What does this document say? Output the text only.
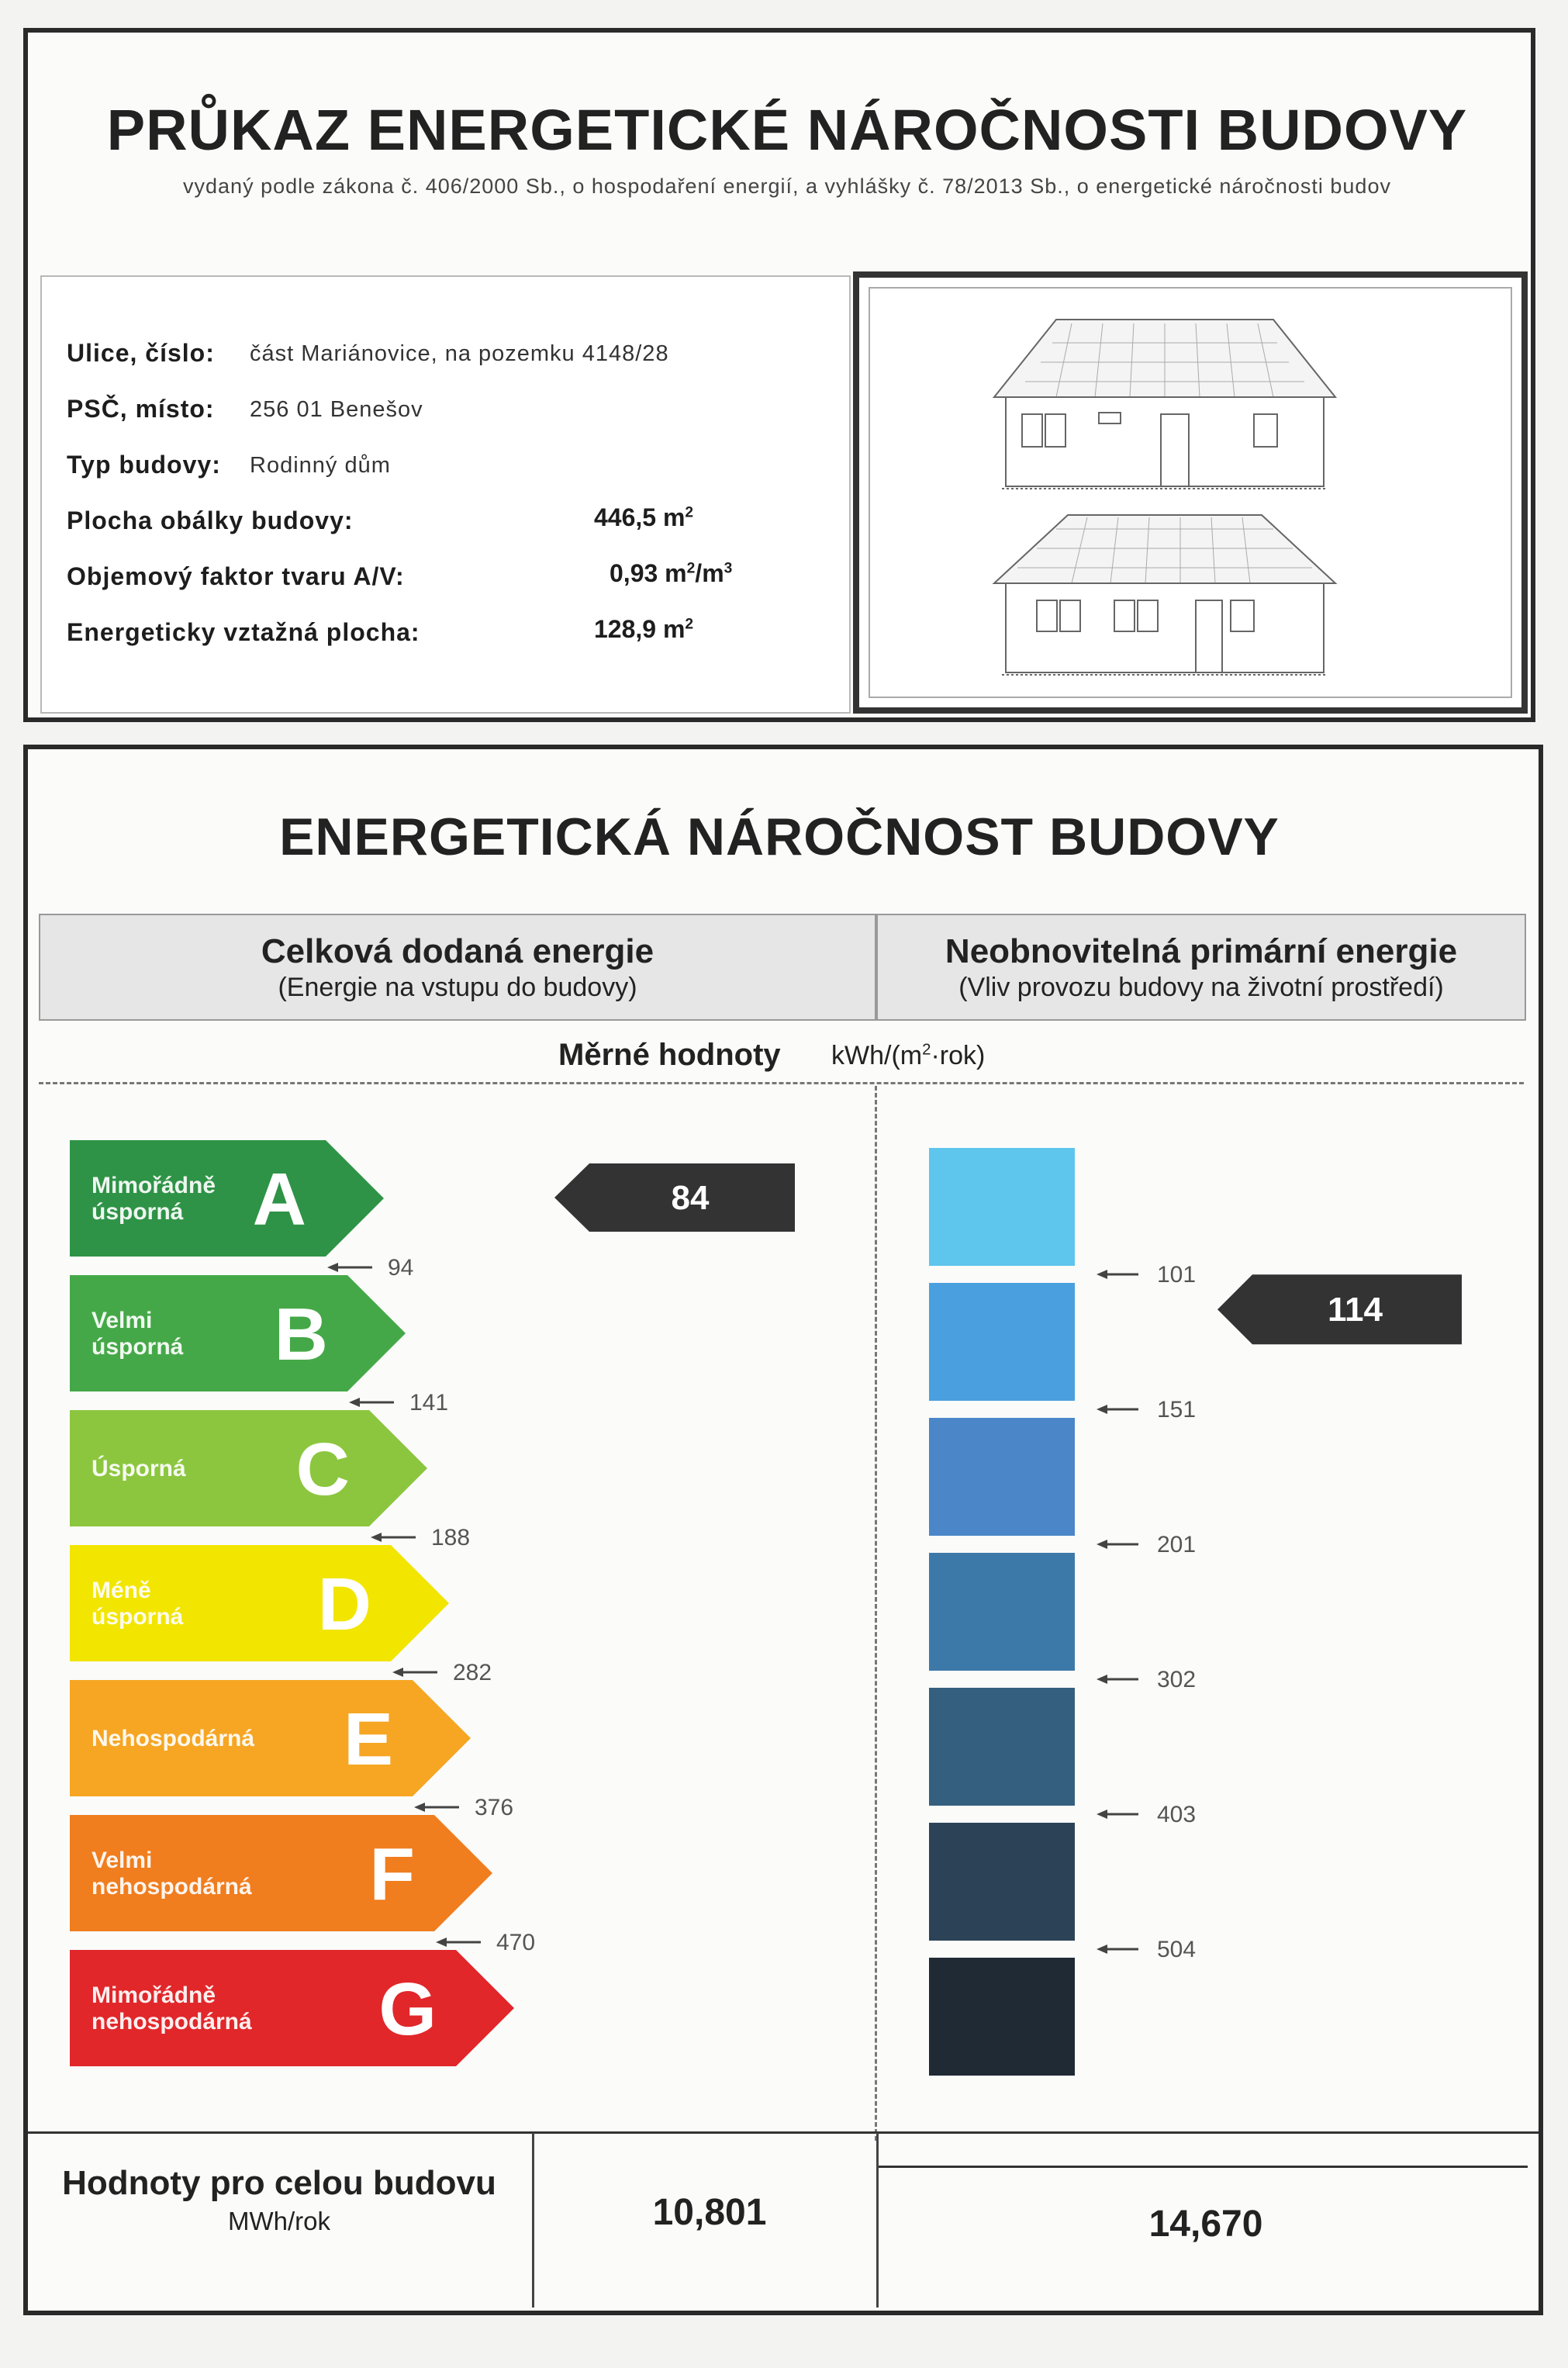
PRŮKAZ ENERGETICKÉ NÁROČNOSTI BUDOVY
vydaný podle zákona č. 406/2000 Sb., o hospodaření energií, a vyhlášky č. 78/2013 Sb., o energetické náročnosti budov
Ulice, číslo: část Mariánovice, na pozemku 4148/28
PSČ, místo: 256 01 Benešov
Typ budovy: Rodinný dům
Plocha obálky budovy:	446,5 $m^2$
Objemový faktor tvaru A/V:	0,93 $m^2/m^3$
Energeticky vztažná plocha:	128,9 $m^2$
ENERGETICKÁ NÁROČNOST BUDOVY
Celková dodaná energie
(Energie na vstupu do budovy)
Neobnovitelná primární energie
(Vliv provozu budovy na životní prostředí)
Měrné hodnoty kWh/$(m^2\cdot rok)$
Mimořádně
úsporná A
94
Velmi
úsporná B
141
Úsporná C
188
Méně
úsporná D
282
Nehospodárná E
376
Velmi
nehospodárná F
470
Mimořádně
nehospodárná G
84
101
151
201
302
403
504
114
Hodnoty pro celou budovu
MWh/rok	10,801	14,670
